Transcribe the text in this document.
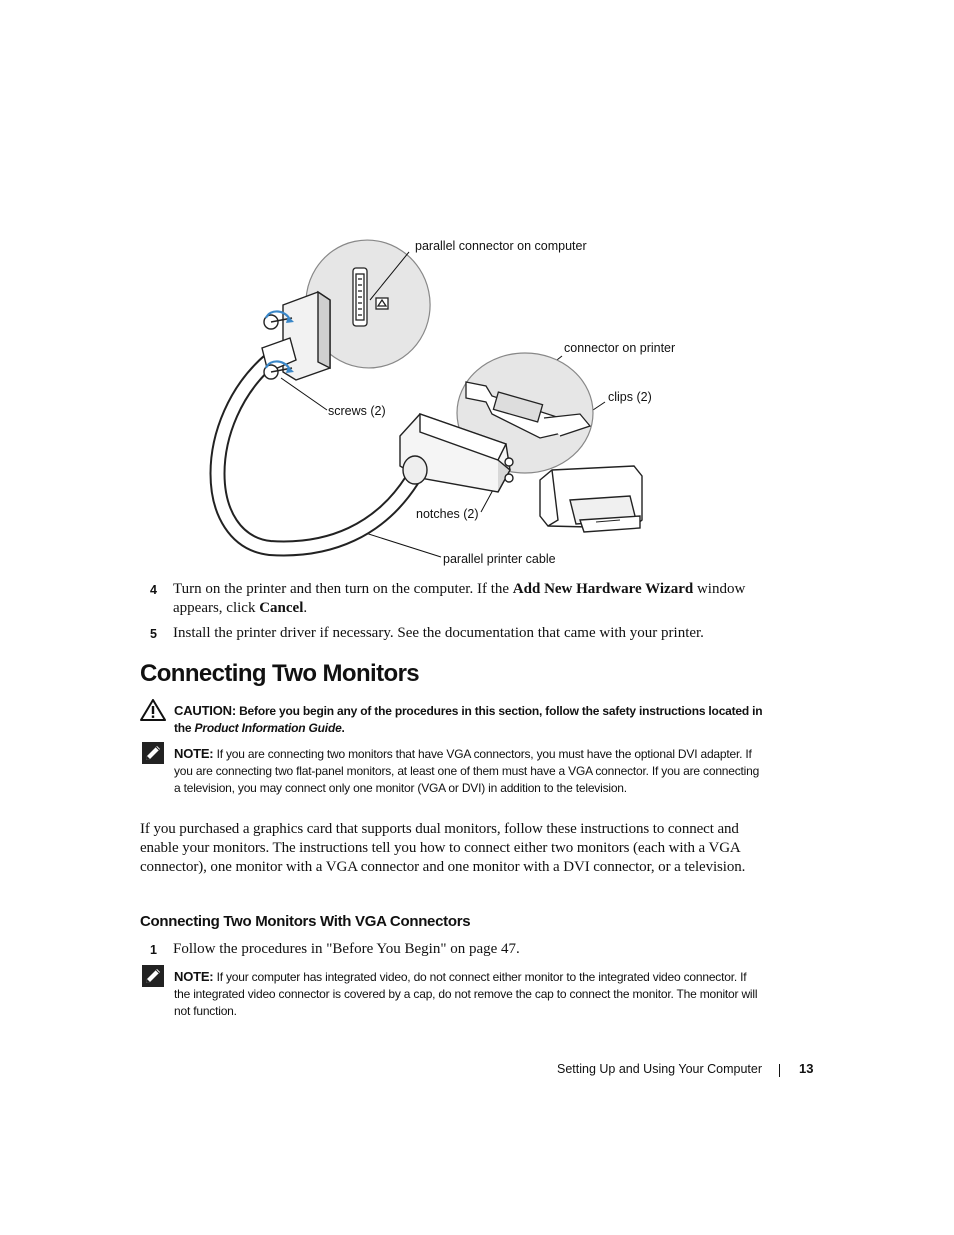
parallel connector on computer
connector on printer
clips (2)
screws (2)
notches (2)
parallel printer cable
4 Turn on the printer and then turn on the computer. If the Add New Hardware Wizard window appears, click Cancel.
5 Install the printer driver if necessary. See the documentation that came with your printer.
Connecting Two Monitors
CAUTION: Before you begin any of the procedures in this section, follow the safety instructions located in the Product Information Guide.
NOTE: If you are connecting two monitors that have VGA connectors, you must have the optional DVI adapter. If you are connecting two flat-panel monitors, at least one of them must have a VGA connector. If you are connecting a television, you may connect only one monitor (VGA or DVI) in addition to the television.
If you purchased a graphics card that supports dual monitors, follow these instructions to connect and enable your monitors. The instructions tell you how to connect either two monitors (each with a VGA connector), one monitor with a VGA connector and one monitor with a DVI connector, or a television.
Connecting Two Monitors With VGA Connectors
1 Follow the procedures in "Before You Begin" on page 47.
NOTE: If your computer has integrated video, do not connect either monitor to the integrated video connector. If the integrated video connector is covered by a cap, do not remove the cap to connect the monitor. The monitor will not function.
Setting Up and Using Your Computer	13
